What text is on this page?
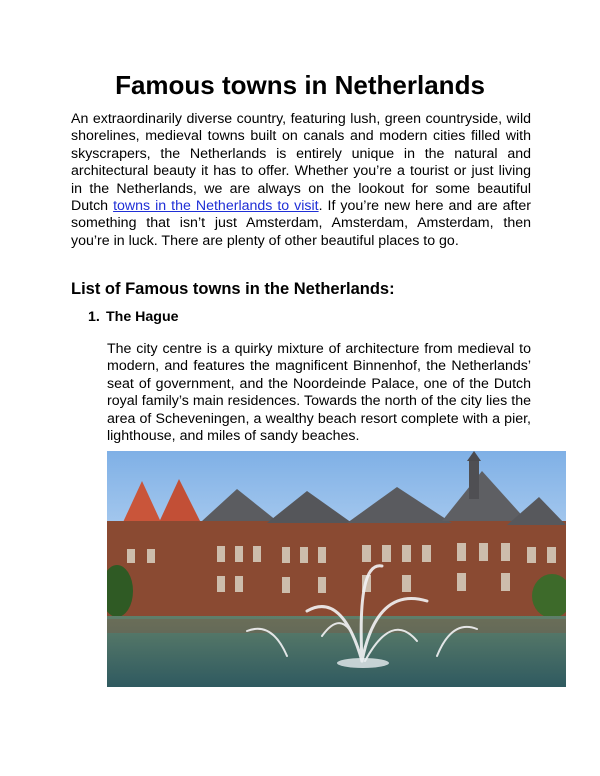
Famous towns in Netherlands

An extraordinarily diverse country, featuring lush, green countryside, wild shorelines, medieval towns built on canals and modern cities filled with skyscrapers, the Netherlands is entirely unique in the natural and architectural beauty it has to offer. Whether you’re a tourist or just living in the Netherlands, we are always on the lookout for some beautiful Dutch towns in the Netherlands to visit. If you’re new here and are after something that isn’t just Amsterdam, Amsterdam, Amsterdam, then you’re in luck. There are plenty of other beautiful places to go.

List of Famous towns in the Netherlands:
1. The Hague

The city centre is a quirky mixture of architecture from medieval to modern, and features the magnificent Binnenhof, the Netherlands’ seat of government, and the Noordeinde Palace, one of the Dutch royal family’s main residences. Towards the north of the city lies the area of Scheveningen, a wealthy beach resort complete with a pier, lighthouse, and miles of sandy beaches.
